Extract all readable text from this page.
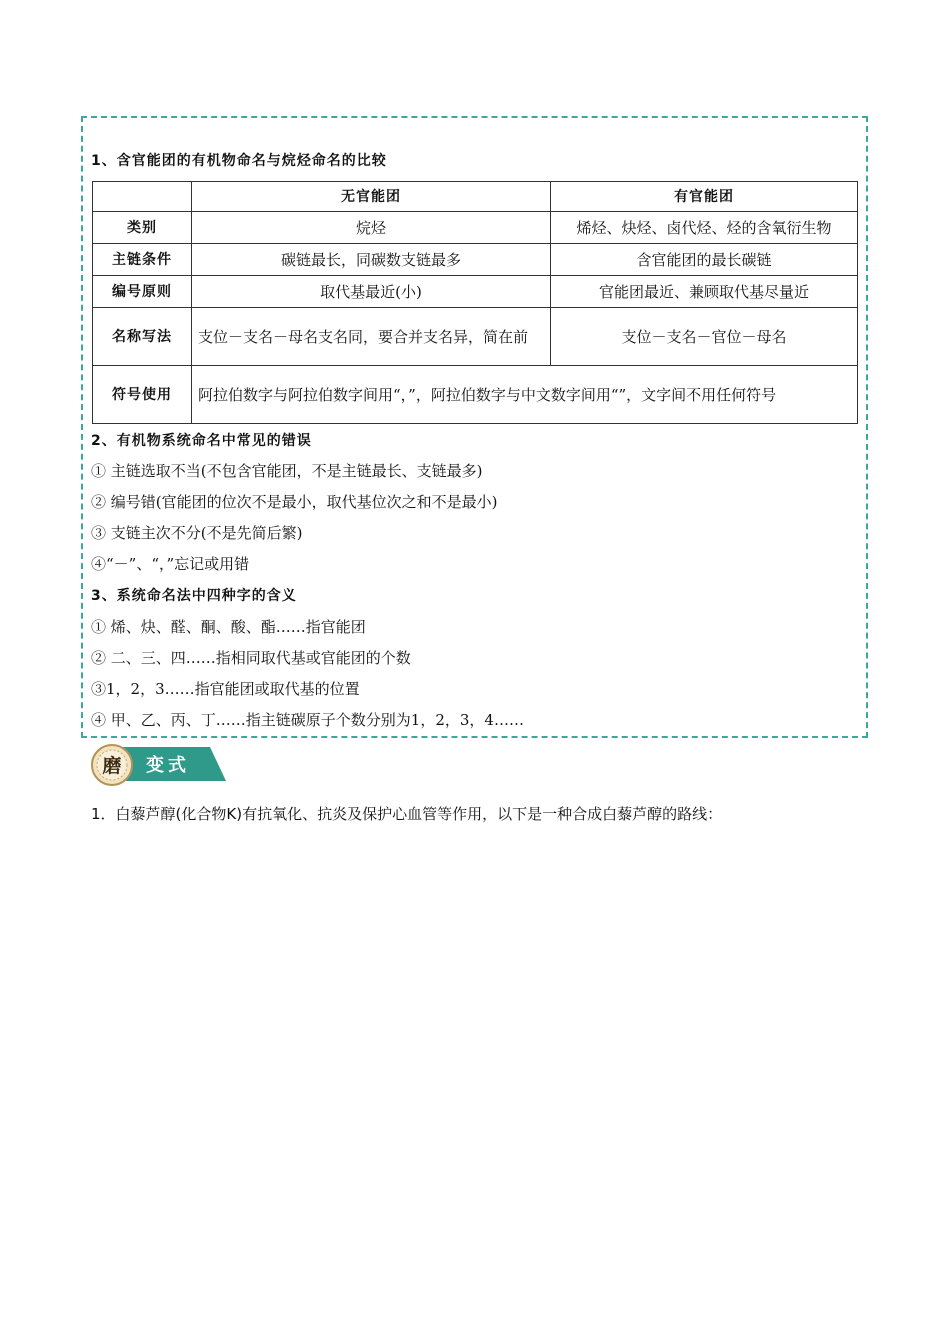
1、含官能团的有机物命名与烷烃命名的比较
	无官能团	有官能团
类别	烷烃	烯烃、炔烃、卤代烃、烃的含氧衍生物
主链条件	碳链最长，同碳数支链最多	含官能团的最长碳链
编号原则	取代基最近(小)	官能团最近、兼顾取代基尽量近
名称写法	支位－支名－母名支名同，要合并支名异，简在前	支位－支名－官位－母名
符号使用	阿拉伯数字与阿拉伯数字间用“，”，阿拉伯数字与中文数字间用“”，文字间不用任何符号	
2、有机物系统命名中常见的错误
① 主链选取不当(不包含官能团，不是主链最长、支链最多)
② 编号错(官能团的位次不是最小，取代基位次之和不是最小)
③ 支链主次不分(不是先简后繁)
④“－”、“，”忘记或用错
3、系统命名法中四种字的含义
① 烯、炔、醛、酮、酸、酯……指官能团
② 二、三、四……指相同取代基或官能团的个数
③1，2，3……指官能团或取代基的位置
④ 甲、乙、丙、丁……指主链碳原子个数分别为1，2，3，4……
磨 变式
1．白藜芦醇(化合物K)有抗氧化、抗炎及保护心血管等作用，以下是一种合成白藜芦醇的路线：
